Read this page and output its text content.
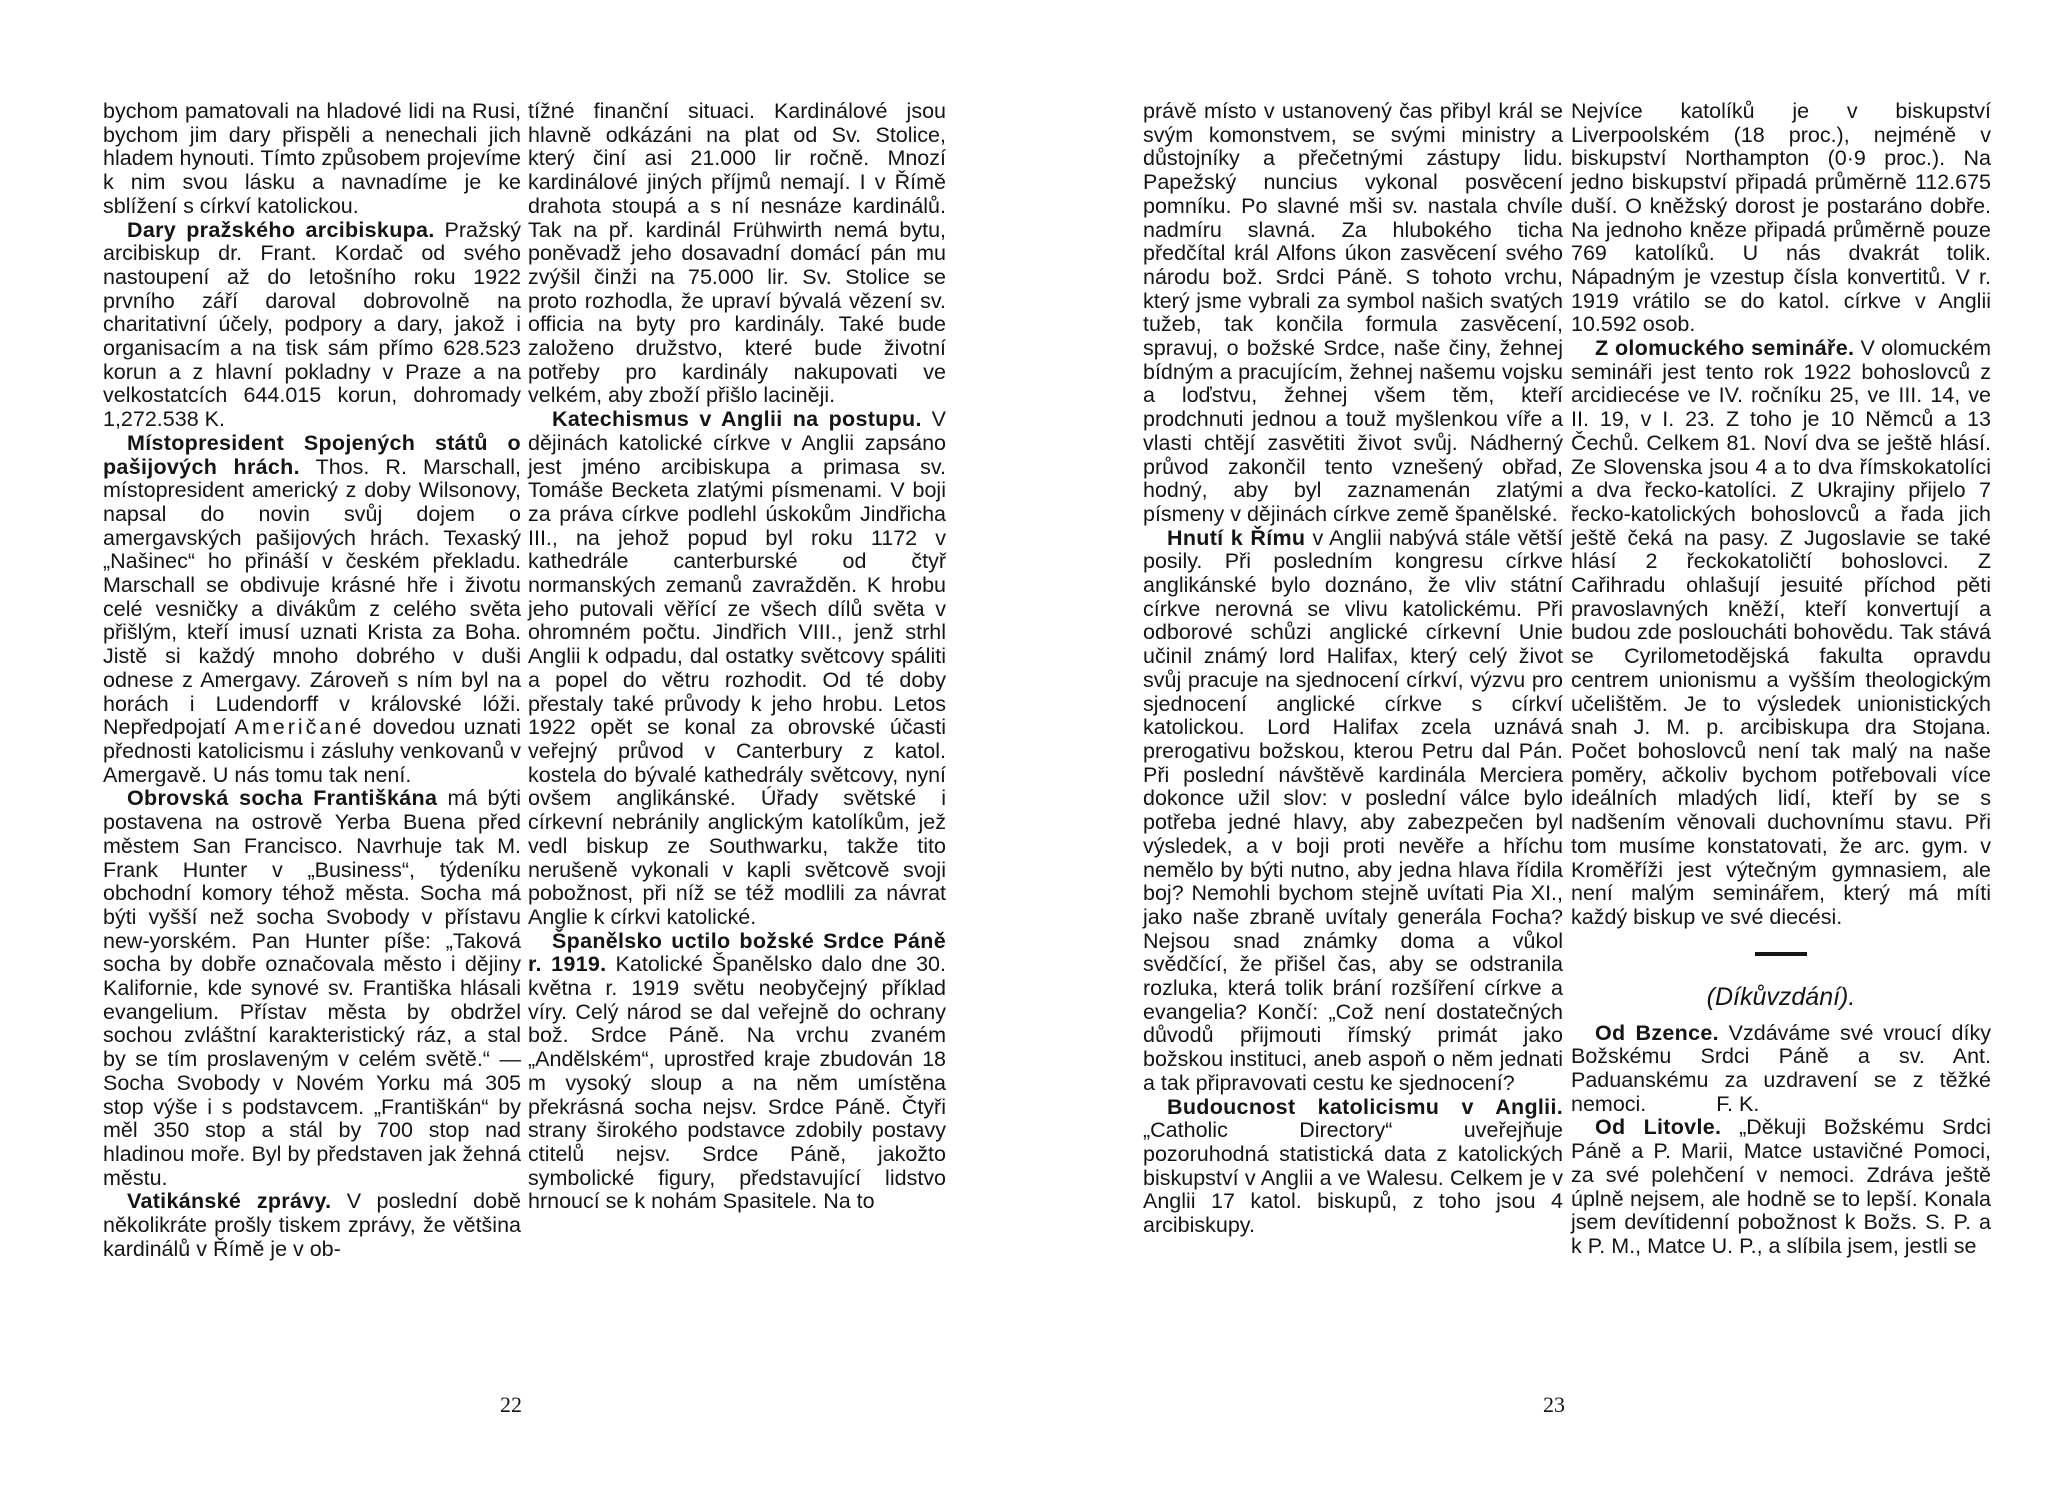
bychom pamatovali na hladové lidi na Rusi, bychom jim dary přispěli a nenechali jich hladem hynouti. Tímto způsobem projevíme k nim svou lásku a navnadíme je ke sblížení s církví katolickou.

Dary pražského arcibiskupa. Pražský arcibiskup dr. Frant. Kordač od svého nastoupení až do letošního roku 1922 prvního září daroval dobrovolně na charitativní účely, podpory a dary, jakož i organisacím a na tisk sám přímo 628.523 korun a z hlavní pokladny v Praze a na velkostatcích 644.015 korun, dohromady 1,272.538 K.

Místopresident Spojených států o pašijových hrách. Thos. R. Marschall, místopresident americký z doby Wilsonovy, napsal do novin svůj dojem o amergavských pašijových hrách. Texaský „Našinec“ ho přináší v českém překladu. Marschall se obdivuje krásné hře i životu celé vesničky a divákům z celého světa přišlým, kteří imusí uznati Krista za Boha. Jistě si každý mnoho dobrého v duši odnese z Amergavy. Zároveň s ním byl na horách i Ludendorff v královské lóži. Nepředpojatí Američané dovedou uznati přednosti katolicismu i zásluhy venkovanů v Amergavě. U nás tomu tak není.

Obrovská socha Františkána má býti postavena na ostrově Yerba Buena před městem San Francisco. Navrhuje tak M. Frank Hunter v „Business“, týdeníku obchodní komory téhož města. Socha má býti vyšší než socha Svobody v přístavu new-yorském. Pan Hunter píše: „Taková socha by dobře označovala město i dějiny Kalifornie, kde synové sv. Františka hlásali evangelium. Přístav města by obdržel sochou zvláštní karakteristický ráz, a stal by se tím proslaveným v celém světě.“ — Socha Svobody v Novém Yorku má 305 stop výše i s podstavcem. „Františkán“ by měl 350 stop a stál by 700 stop nad hladinou moře. Byl by představen jak žehná městu.

Vatikánské zprávy. V poslední době několikráte prošly tiskem zprávy, že většina kardinálů v Římě je v ob-

tížné finanční situaci. Kardinálové jsou hlavně odkázáni na plat od Sv. Stolice, který činí asi 21.000 lir ročně. Mnozí kardinálové jiných příjmů nemají. I v Římě drahota stoupá a s ní nesnáze kardinálů. Tak na př. kardinál Frühwirth nemá bytu, poněvadž jeho dosavadní domácí pán mu zvýšil činži na 75.000 lir. Sv. Stolice se proto rozhodla, že upraví bývalá vězení sv. officia na byty pro kardinály. Také bude založeno družstvo, které bude životní potřeby pro kardinály nakupovati ve velkém, aby zboží přišlo laciněji.

Katechismus v Anglii na postupu. V dějinách katolické církve v Anglii zapsáno jest jméno arcibiskupa a primasa sv. Tomáše Becketa zlatými písmenami. V boji za práva církve podlehl úskokům Jindřicha III., na jehož popud byl roku 1172 v kathedrále canterburské od čtyř normanských zemanů zavražděn. K hrobu jeho putovali věřící ze všech dílů světa v ohromném počtu. Jindřich VIII., jenž strhl Anglii k odpadu, dal ostatky světcovy spáliti a popel do větru rozhodit. Od té doby přestaly také průvody k jeho hrobu. Letos 1922 opět se konal za obrovské účasti veřejný průvod v Canterbury z katol. kostela do bývalé kathedrály světcovy, nyní ovšem anglikánské. Úřady světské i církevní nebránily anglickým katolíkům, jež vedl biskup ze Southwarku, takže tito nerušeně vykonali v kapli světcově svoji pobožnost, při níž se též modlili za návrat Anglie k církvi katolické.

Španělsko uctilo božské Srdce Páně r. 1919. Katolické Španělsko dalo dne 30. května r. 1919 světu neobyčejný příklad víry. Celý národ se dal veřejně do ochrany bož. Srdce Páně. Na vrchu zvaném „Andělském“, uprostřed kraje zbudován 18 m vysoký sloup a na něm umístěna překrásná socha nejsv. Srdce Páně. Čtyři strany širokého podstavce zdobily postavy ctitelů nejsv. Srdce Páně, jakožto symbolické figury, představující lidstvo hrnoucí se k nohám Spasitele. Na to

22

právě místo v ustanovený čas přibyl král se svým komonstvem, se svými ministry a důstojníky a přečetnými zástupy lidu. Papežský nuncius vykonal posvěcení pomníku. Po slavné mši sv. nastala chvíle nadmíru slavná. Za hlubokého ticha předčítal král Alfons úkon zasvěcení svého národu bož. Srdci Páně. S tohoto vrchu, který jsme vybrali za symbol našich svatých tužeb, tak končila formula zasvěcení, spravuj, o božské Srdce, naše činy, žehnej bídným a pracujícím, žehnej našemu vojsku a loďstvu, žehnej všem těm, kteří prodchnuti jednou a touž myšlenkou víře a vlasti chtějí zasvětiti život svůj. Nádherný průvod zakončil tento vznešený obřad, hodný, aby byl zaznamenán zlatými písmeny v dějinách církve země španělské.

Hnutí k Římu v Anglii nabývá stále větší posily. Při posledním kongresu církve anglikánské bylo doznáno, že vliv státní církve nerovná se vlivu katolickému. Při odborové schůzi anglické církevní Unie učinil známý lord Halifax, který celý život svůj pracuje na sjednocení církví, výzvu pro sjednocení anglické církve s církví katolickou. Lord Halifax zcela uznává prerogativu božskou, kterou Petru dal Pán. Při poslední návštěvě kardinála Merciera dokonce užil slov: v poslední válce bylo potřeba jedné hlavy, aby zabezpečen byl výsledek, a v boji proti nevěře a hříchu nemělo by býti nutno, aby jedna hlava řídila boj? Nemohli bychom stejně uvítati Pia XI., jako naše zbraně uvítaly generála Focha? Nejsou snad známky doma a vůkol svědčící, že přišel čas, aby se odstranila rozluka, která tolik brání rozšíření církve a evangelia? Končí: „Což není dostatečných důvodů přijmouti římský primát jako božskou instituci, aneb aspoň o něm jednati a tak připravovati cestu ke sjednocení?

Budoucnost katolicismu v Anglii. „Catholic Directory“ uveřejňuje pozoruhodná statistická data z katolických biskupství v Anglii a ve Walesu. Celkem je v Anglii 17 katol. biskupů, z toho jsou 4 arcibiskupy.

Nejvíce katolíků je v biskupství Liverpoolském (18 proc.), nejméně v biskupství Northampton (0·9 proc.). Na jedno biskupství připadá průměrně 112.675 duší. O kněžský dorost je postaráno dobře. Na jednoho kněze připadá průměrně pouze 769 katolíků. U nás dvakrát tolik. Nápadným je vzestup čísla konvertitů. V r. 1919 vrátilo se do katol. církve v Anglii 10.592 osob.

Z olomuckého semináře. V olomuckém semináři jest tento rok 1922 bohoslovců z arcidiecése ve IV. ročníku 25, ve III. 14, ve II. 19, v I. 23. Z toho je 10 Němců a 13 Čechů. Celkem 81. Noví dva se ještě hlásí. Ze Slovenska jsou 4 a to dva římskokatolíci a dva řecko-katolíci. Z Ukrajiny přijelo 7 řecko-katolických bohoslovců a řada jich ještě čeká na pasy. Z Jugoslavie se také hlásí 2 řeckokatoličtí bohoslovci. Z Cařihradu ohlašují jesuité příchod pěti pravoslavných kněží, kteří konvertují a budou zde posloucháti bohovědu. Tak stává se Cyrilometodějská fakulta opravdu centrem unionismu a vyšším theologickým učelištěm. Je to výsledek unionistických snah J. M. p. arcibiskupa dra Stojana. Počet bohoslovců není tak malý na naše poměry, ačkoliv bychom potřebovali více ideálních mladých lidí, kteří by se s nadšením věnovali duchovnímu stavu. Při tom musíme konstatovati, že arc. gym. v Kroměříži jest výtečným gymnasiem, ale není malým seminářem, který má míti každý biskup ve své diecési.

(Díkůvzdání).

Od Bzence. Vzdáváme své vroucí díky Božskému Srdci Páně a sv. Ant. Paduanskému za uzdravení se z těžké nemoci.	F. K.

Od Litovle. „Děkuji Božskému Srdci Páně a P. Marii, Matce ustavičné Pomoci, za své polehčení v nemoci. Zdráva ještě úplně nejsem, ale hodně se to lepší. Konala jsem devítidenní pobožnost k Božs. S. P. a k P. M., Matce U. P., a slíbila jsem, jestli se

23
